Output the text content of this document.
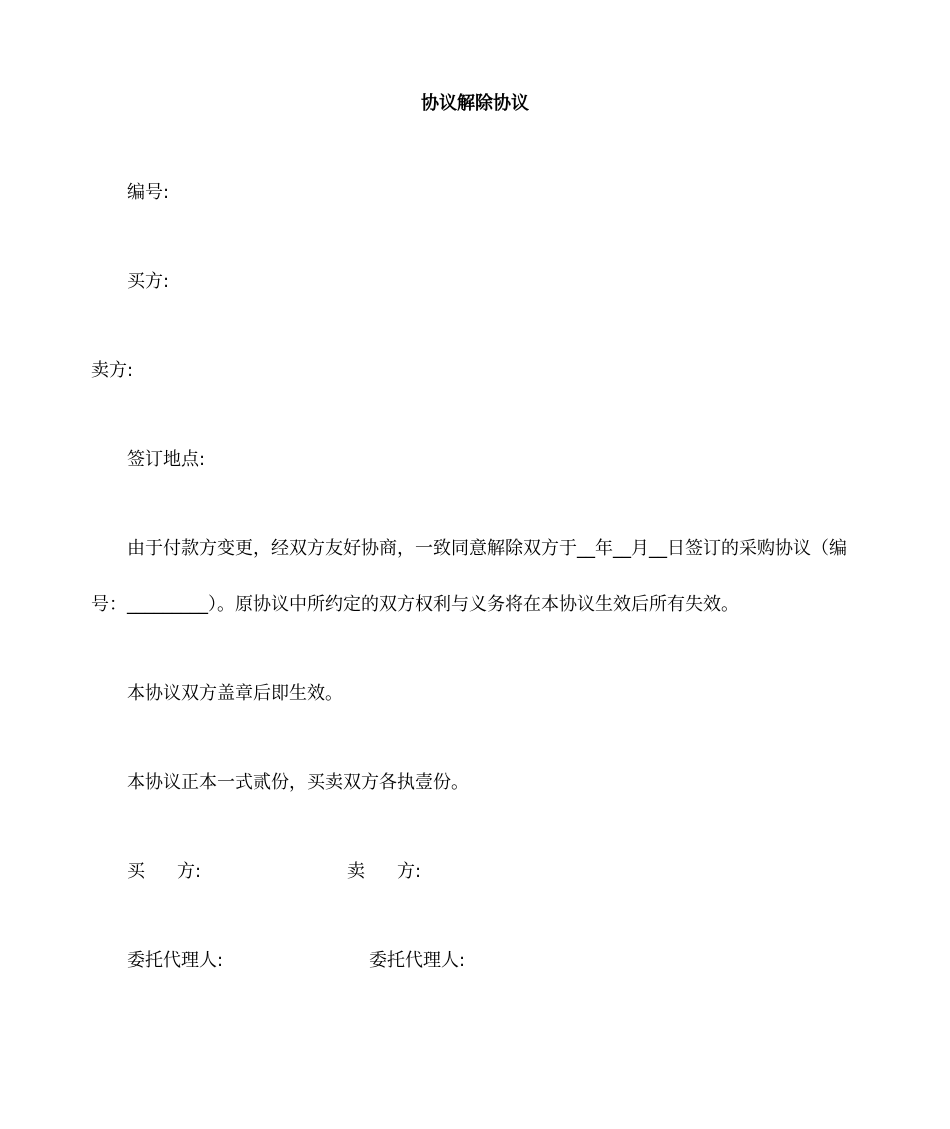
协议解除协议
编号:
买方:
卖方:
签订地点:
由于付款方变更，经双方友好协商，一致同意解除双方于__年__月__日签订的采购协议（编
号：_________）。原协议中所约定的双方权利与义务将在本协议生效后所有失效。
本协议双方盖章后即生效。
本协议正本一式贰份，买卖双方各执壹份。
买 方:	卖 方:
委托代理人:	委托代理人:
